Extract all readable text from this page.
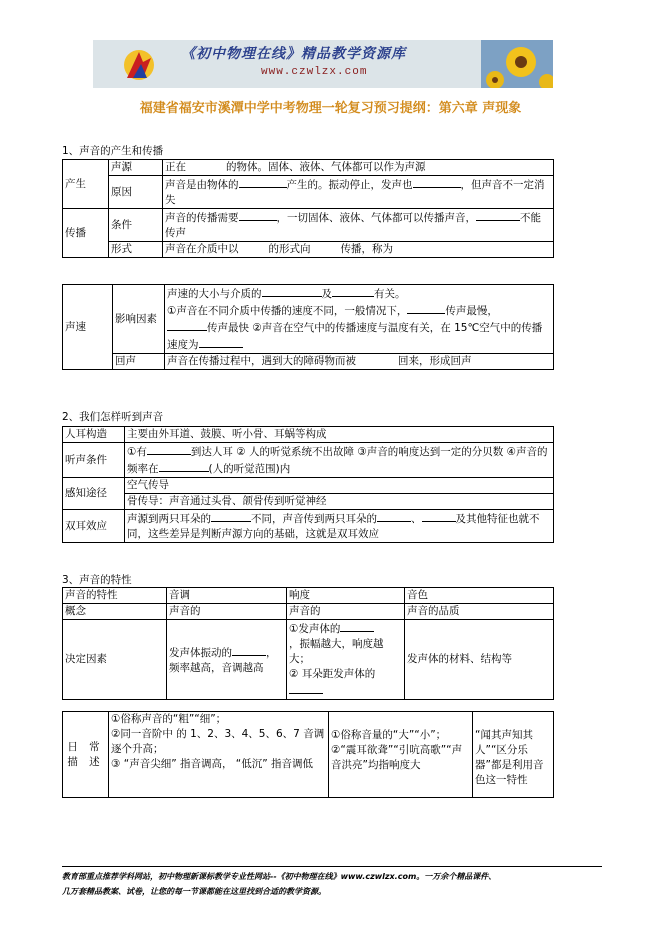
《初中物理在线》精品教学资源库
www.czwlzx.com
福建省福安市溪潭中学中考物理一轮复习预习提纲：第六章 声现象
1、声音的产生和传播
产生	声源	正在 的物体。固体、液体、气体都可以作为声源
	原因	声音是由物体的 产生的。振动停止，发声也 ，但声音不一定消失
传播	条件	声音的传播需要 ，一切固体、液体、气体都可以传播声音， 不能传声
	形式	声音在介质中以 的形式向 传播，称为
声速	影响因素	声速的大小与介质的 及 有关。
①声音在不同介质中传播的速度不同，一般情况下， 传声最慢，
传声最快 ②声音在空气中的传播速度与温度有关，在 15℃空气中的传播速度为
	回声	声音在传播过程中，遇到大的障碍物而被 回来，形成回声
2、我们怎样听到声音
人耳构造	主要由外耳道、鼓膜、听小骨、耳蜗等构成
听声条件	①有 到达人耳 ② 人的听觉系统不出故障 ③声音的响度达到一定的分贝数 ④声音的频率在 (人的听觉范围)内
感知途径	空气传导
	骨传导：声音通过头骨、颌骨传到听觉神经
双耳效应	声源到两只耳朵的 不同，声音传到两只耳朵的 、 及其他特征也就不同，这些差异是判断声源方向的基础，这就是双耳效应
3、声音的特性
声音的特性	音调	响度	音色
概念	声音的	声音的	声音的品质
决定因素	发声体振动的 ，频率越高，音调越高	①发声体的
，振幅越大，响度越大；
② 耳朵距发声体的	发声体的材料、结构等
日 常 描 述	①俗称声音的“粗”“细”；
②同一音阶中 的 1、2、3、4、5、6、7 音调逐个升高；
③ “声音尖细” 指音调高， “低沉” 指音调低	①俗称音量的“大”“小”；
②“震耳欲聋”“引吭高歌”“声音洪亮”均指响度大	“闻其声知其人”“区分乐器”都是利用音色这一特性
教育部重点推荐学科网站，初中物理新课标教学专业性网站--《初中物理在线》www.czwlzx.com。一万余个精品课件、
几万套精品教案、试卷，让您的每一节课都能在这里找到合适的教学资源。
